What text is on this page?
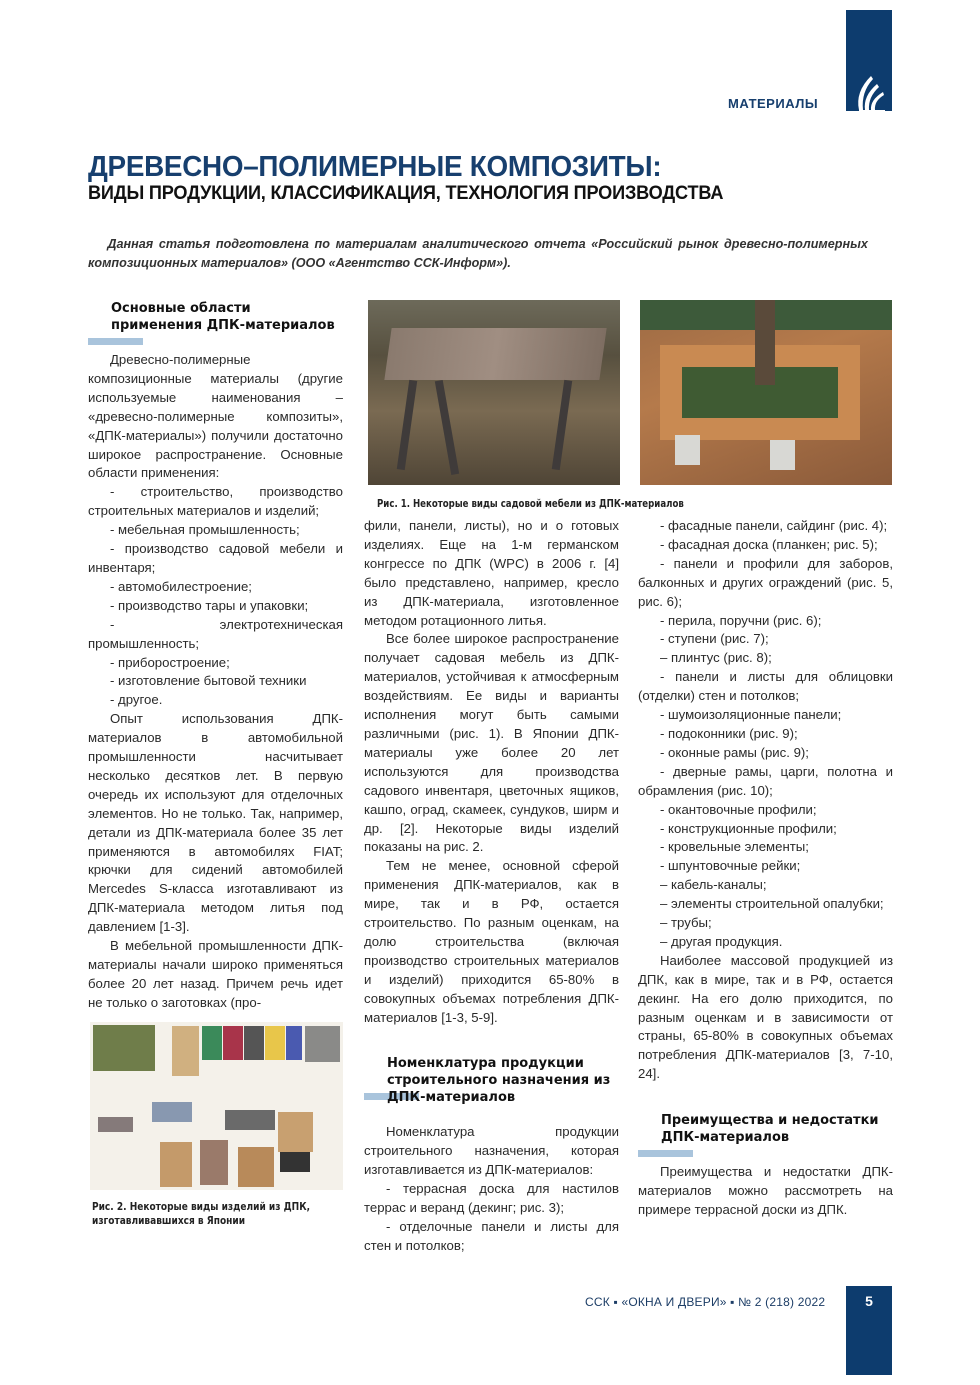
МАТЕРИАЛЫ
ДРЕВЕСНО–ПОЛИМЕРНЫЕ КОМПОЗИТЫ:
ВИДЫ ПРОДУКЦИИ, КЛАССИФИКАЦИЯ, ТЕХНОЛОГИЯ ПРОИЗВОДСТВА
Данная статья подготовлена по материалам аналитического отчета «Российский рынок древесно-полимерных композиционных материалов» (ООО «Агентство ССК-Информ»).
Основные области применения ДПК-материалов

Древесно-полимерные композиционные материалы (другие используемые наименования – «древесно-полимерные композиты», «ДПК-материалы») получили достаточно широкое распространение. Основные области применения:

- строительство, производство строительных материалов и изделий;

- мебельная промышленность;

- производство садовой мебели и инвентаря;

- автомобилестроение;

- производство тары и упаковки;

- электротехническая промышленность;

- приборостроение;

- изготовление бытовой техники

- другое.

Опыт использования ДПК-материалов в автомобильной промышленности насчитывает несколько десятков лет. В первую очередь их используют для отделочных элементов. Но не только. Так, например, детали из ДПК-материала более 35 лет применяются в автомобилях FIAT; крючки для сидений автомобилей Mercedes S-класса изготавливают из ДПК-материала методом литья под давлением [1-3].

В мебельной промышленности ДПК-материалы начали широко применяться более 20 лет назад. Причем речь идет не только о заготовках (про-

Рис. 1. Некоторые виды садовой мебели из ДПК-материалов
Рис. 2. Некоторые виды изделий из ДПК, изготавливавшихся в Японии

фили, панели, листы), но и о готовых изделиях. Еще на 1-м германском конгрессе по ДПК (WPC) в 2006 г. [4] было представлено, например, кресло из ДПК-материала, изготовленное методом ротационного литья.

Все более широкое распространение получает садовая мебель из ДПК-материалов, устойчивая к атмосферным воздействиям. Ее виды и варианты исполнения могут быть самыми различными (рис. 1). В Японии ДПК-материалы уже более 20 лет используются для производства садового инвентаря, цветочных ящиков, кашпо, оград, скамеек, сундуков, ширм и др. [2]. Некоторые виды изделий показаны на рис. 2.

Тем не менее, основной сферой применения ДПК-материалов, как в мире, так и в РФ, остается строительство. По разным оценкам, на долю строительства (включая производство строительных материалов и изделий) приходится 65-80% в совокупных объемах потребления ДПК-материалов [1-3, 5-9].

Номенклатура продукции строительного назначения из ДПК-материалов

Номенклатура продукции строительного назначения, которая изготавливается из ДПК-материалов:

- террасная доска для настилов террас и веранд (декинг; рис. 3);

- отделочные панели и листы для стен и потолков;

- фасадные панели, сайдинг (рис. 4);

- фасадная доска (планкен; рис. 5);

- панели и профили для заборов, балконных и других ограждений (рис. 5, рис. 6);

- перила, поручни (рис. 6);

- ступени (рис. 7);

– плинтус (рис. 8);

- панели и листы для облицовки (отделки) стен и потолков;

- шумоизоляционные панели;

- подоконники (рис. 9);

- оконные рамы (рис. 9);

- дверные рамы, царги, полотна и обрамления (рис. 10);

- окантовочные профили;

- конструкционные профили;

- кровельные элементы;

- шпунтовочные рейки;

– кабель-каналы;

– элементы строительной опалубки;

– трубы;

– другая продукция.

Наиболее массовой продукцией из ДПК, как в мире, так и в РФ, остается декинг. На его долю приходится, по разным оценкам и в зависимости от страны, 65-80% в совокупных объемах потребления ДПК-материалов [3, 7-10, 24].

Преимущества и недостатки ДПК-материалов

Преимущества и недостатки ДПК-материалов можно рассмотреть на примере террасной доски из ДПК.

ССК ▪ «ОКНА И ДВЕРИ» ▪ № 2 (218) 2022	5
